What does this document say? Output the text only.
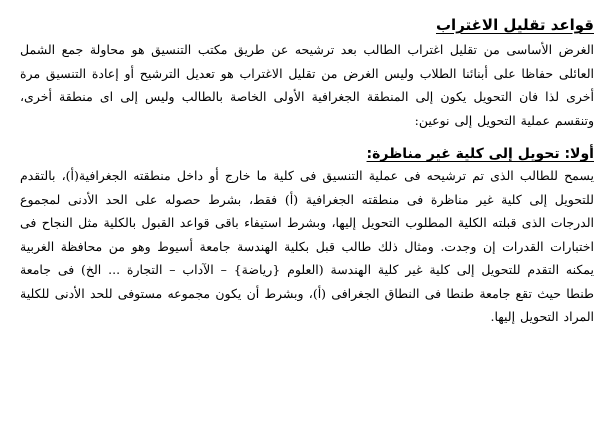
قواعد تقليل الاغتراب

الغرض الأساسى من تقليل اغتراب الطالب بعد ترشيحه عن طريق مكتب التنسيق هو محاولة جمع الشمل العائلى حفاظا على أبنائنا الطلاب وليس الغرض من تقليل الاغتراب هو تعديل الترشيح أو إعادة التنسيق مرة أخرى لذا فان التحويل يكون إلى المنطقة الجغرافية الأولى الخاصة بالطالب وليس إلى اى منطقة أخرى، وتنقسم عملية التحويل إلى نوعين:

أولا: تحويل إلى كلية غير مناظرة:

يسمح للطالب الذى تم ترشيحه فى عملية التنسيق فى كلية ما خارج أو داخل منطقته الجغرافية(أ)، بالتقدم للتحويل إلى كلية غير مناظرة فى منطقته الجغرافية (أ) فقط، بشرط حصوله على الحد الأدنى لمجموع الدرجات الذى قبلته الكلية المطلوب التحويل إليها، وبشرط استيفاء باقى قواعد القبول بالكلية مثل النجاح فى اختبارات القدرات إن وجدت. ومثال ذلك طالب قبل بكلية الهندسة جامعة أسيوط وهو من محافظة الغربية يمكنه التقدم للتحويل إلى كلية غير كلية الهندسة (العلوم {رياضة} – الآداب – التجارة ... الخ) فى جامعة طنطا حيث تقع جامعة طنطا فى النطاق الجغرافى (أ)، وبشرط أن يكون مجموعه مستوفى للحد الأدنى للكلية المراد التحويل إليها.
